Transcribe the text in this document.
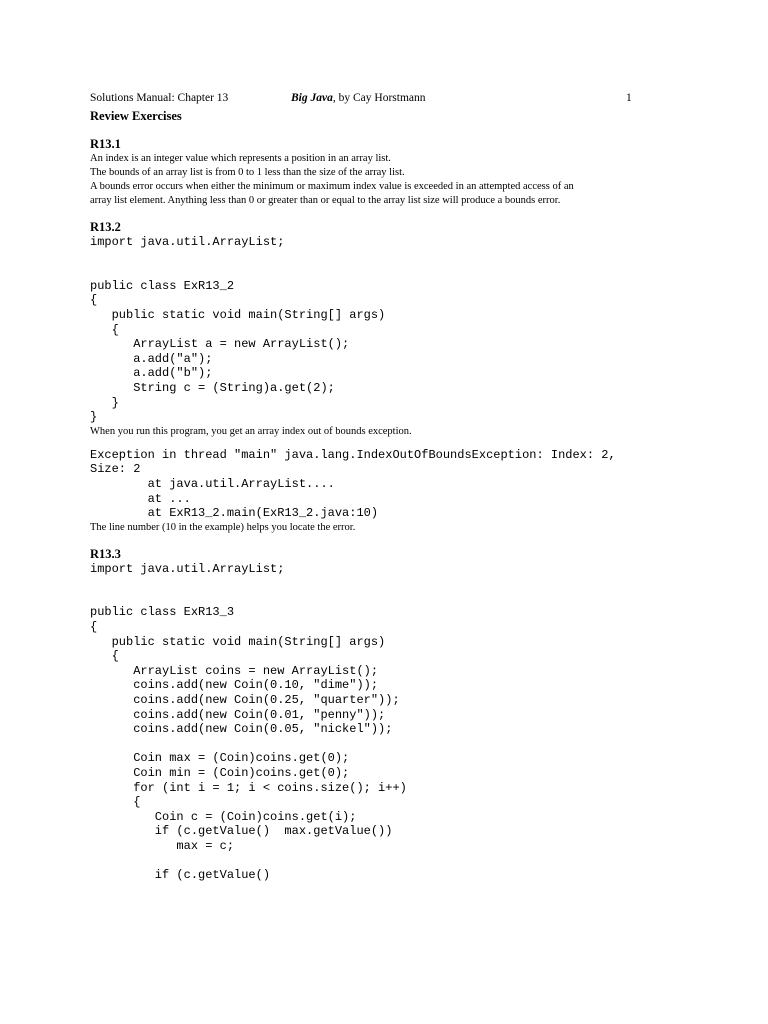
Solutions Manual: Chapter 13	Big Java, by Cay Horstmann	1
Review Exercises
R13.1

An index is an integer value which represents a position in an array list.

The bounds of an array list is from 0 to 1 less than the size of the array list.

A bounds error occurs when either the minimum or maximum index value is exceeded in an attempted access of an

array list element. Anything less than 0 or greater than or equal to the array list size will produce a bounds error.

R13.2
import java.util.ArrayList;

public class ExR13_2
{
public static void main(String[] args)
{
ArrayList a = new ArrayList();
a.add("a");
a.add("b");
String c = (String)a.get(2);
}
}

When you run this program, you get an array index out of bounds exception.

Exception in thread "main" java.lang.IndexOutOfBoundsException: Index: 2,
Size: 2
at java.util.ArrayList....
at ...
at ExR13_2.main(ExR13_2.java:10)

The line number (10 in the example) helps you locate the error.

R13.3
import java.util.ArrayList;

public class ExR13_3
{
public static void main(String[] args)
{
ArrayList coins = new ArrayList();
coins.add(new Coin(0.10, "dime"));
coins.add(new Coin(0.25, "quarter"));
coins.add(new Coin(0.01, "penny"));
coins.add(new Coin(0.05, "nickel"));

Coin max = (Coin)coins.get(0);
Coin min = (Coin)coins.get(0);
for (int i = 1; i < coins.size(); i++)
{
Coin c = (Coin)coins.get(i);
if (c.getValue()  max.getValue())
max = c;

if (c.getValue()
